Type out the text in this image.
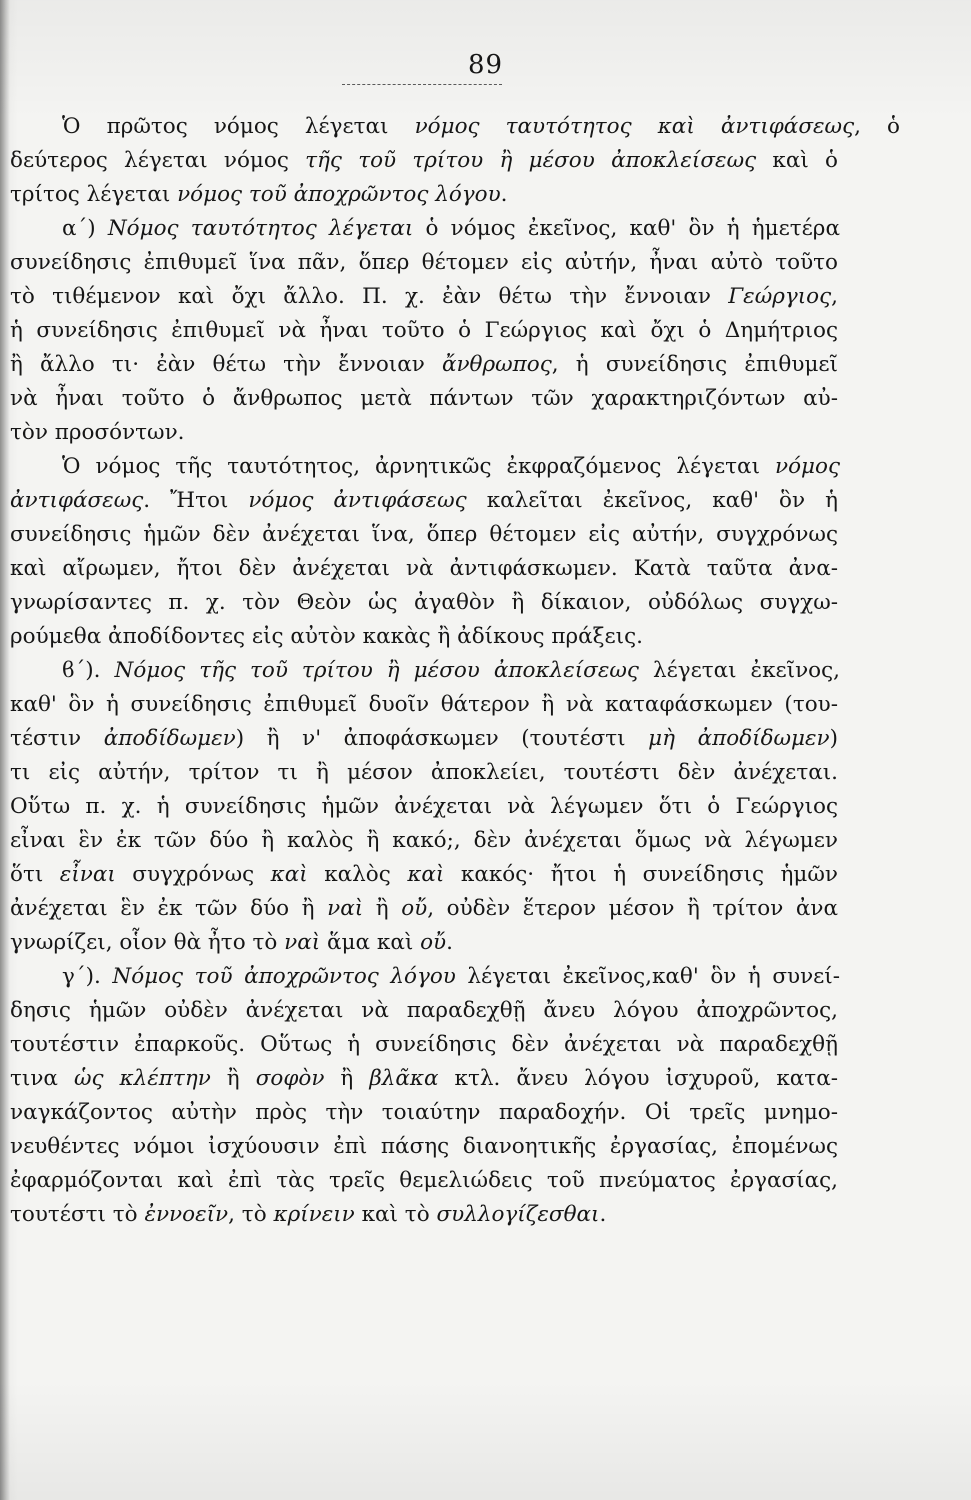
89
Ὁ πρῶτος νόμος λέγεται νόμος ταυτότητος καὶ ἀντιφάσεως, ὁ
δεύτερος λέγεται νόμος τῆς τοῦ τρίτου ἢ μέσου ἀποκλείσεως καὶ ὁ
τρίτος λέγεται νόμος τοῦ ἀποχρῶντος λόγου.
α΄) Νόμος ταυτότητος λέγεται ὁ νόμος ἐκεῖνος, καθ' ὃν ἡ ἡμετέρα
συνείδησις ἐπιθυμεῖ ἵνα πᾶν, ὅπερ θέτομεν εἰς αὐτήν, ἦναι αὐτὸ τοῦτο
τὸ τιθέμενον καὶ ὄχι ἄλλο. Π. χ. ἐὰν θέτω τὴν ἔννοιαν Γεώργιος,
ἡ συνείδησις ἐπιθυμεῖ νὰ ἦναι τοῦτο ὁ Γεώργιος καὶ ὄχι ὁ Δημήτριος
ἢ ἄλλο τι· ἐὰν θέτω τὴν ἔννοιαν ἄνθρωπος, ἡ συνείδησις ἐπιθυμεῖ
νὰ ἦναι τοῦτο ὁ ἄνθρωπος μετὰ πάντων τῶν χαρακτηριζόντων αὐ-
τὸν προσόντων.
Ὁ νόμος τῆς ταυτότητος, ἀρνητικῶς ἐκφραζόμενος λέγεται νόμος
ἀντιφάσεως. Ἤτοι νόμος ἀντιφάσεως καλεῖται ἐκεῖνος, καθ' ὃν ἡ
συνείδησις ἡμῶν δὲν ἀνέχεται ἵνα, ὅπερ θέτομεν εἰς αὐτήν, συγχρόνως
καὶ αἴρωμεν, ἤτοι δὲν ἀνέχεται νὰ ἀντιφάσκωμεν. Κατὰ ταῦτα ἀνα-
γνωρίσαντες π. χ. τὸν Θεὸν ὡς ἀγαθὸν ἢ δίκαιον, οὐδόλως συγχω-
ρούμεθα ἀποδίδοντες εἰς αὐτὸν κακὰς ἢ ἀδίκους πράξεις.
ϐ΄). Νόμος τῆς τοῦ τρίτου ἢ μέσου ἀποκλείσεως λέγεται ἐκεῖνος,
καθ' ὃν ἡ συνείδησις ἐπιθυμεῖ δυοῖν θάτερον ἢ νὰ καταφάσκωμεν (του-
τέστιν ἀποδίδωμεν) ἢ ν' ἀποφάσκωμεν (τουτέστι μὴ ἀποδίδωμεν)
τι εἰς αὐτήν, τρίτον τι ἢ μέσον ἀποκλείει, τουτέστι δὲν ἀνέχεται.
Οὕτω π. χ. ἡ συνείδησις ἡμῶν ἀνέχεται νὰ λέγωμεν ὅτι ὁ Γεώργιος
εἶναι ἓν ἐκ τῶν δύο ἢ καλὸς ἢ κακό;, δὲν ἀνέχεται ὅμως νὰ λέγωμεν
ὅτι εἶναι συγχρόνως καὶ καλὸς καὶ κακός· ἤτοι ἡ συνείδησις ἡμῶν
ἀνέχεται ἓν ἐκ τῶν δύο ἢ ναὶ ἢ οὔ, οὐδὲν ἕτερον μέσον ἢ τρίτον ἀνα
γνωρίζει, οἷον θὰ ἦτο τὸ ναὶ ἅμα καὶ οὔ.
γ΄). Νόμος τοῦ ἀποχρῶντος λόγου λέγεται ἐκεῖνος,καθ' ὃν ἡ συνεί-
δησις ἡμῶν οὐδὲν ἀνέχεται νὰ παραδεχθῇ ἄνευ λόγου ἀποχρῶντος,
τουτέστιν ἐπαρκοῦς. Οὕτως ἡ συνείδησις δὲν ἀνέχεται νὰ παραδεχθῇ
τινα ὡς κλέπτην ἢ σοφὸν ἢ βλᾶκα κτλ. ἄνευ λόγου ἰσχυροῦ, κατα-
ναγκάζοντος αὐτὴν πρὸς τὴν τοιαύτην παραδοχήν. Οἱ τρεῖς μνημο-
νευθέντες νόμοι ἰσχύουσιν ἐπὶ πάσης διανοητικῆς ἐργασίας, ἐπομένως
ἐφαρμόζονται καὶ ἐπὶ τὰς τρεῖς θεμελιώδεις τοῦ πνεύματος ἐργασίας,
τουτέστι τὸ ἐννοεῖν, τὸ κρίνειν καὶ τὸ συλλογίζεσθαι.
